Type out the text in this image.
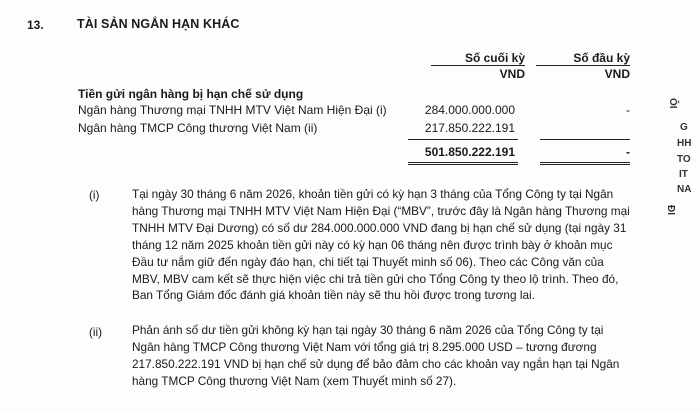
13.	TÀI SẢN NGẮN HẠN KHÁC
Số cuối kỳ	Số đầu kỳ
VND	VND
Tiền gửi ngân hàng bị hạn chế sử dụng
Ngân hàng Thương mại TNHH MTV Việt Nam Hiện Đại (i)	284.000.000.000	-
Ngân hàng TMCP Công thương Việt Nam (ii)	217.850.222.191
501.850.222.191	-
(i)	Tại ngày 30 tháng 6 năm 2026, khoản tiền gửi có kỳ hạn 3 tháng của Tổng Công ty tại Ngân
hàng Thương mại TNHH MTV Việt Nam Hiện Đại (“MBV”, trước đây là Ngân hàng Thương mại
TNHH MTV Đại Dương) có số dư 284.000.000.000 VND đang bị hạn chế sử dụng (tại ngày 31
tháng 12 năm 2025 khoản tiền gửi này có kỳ hạn 06 tháng nên được trình bày ở khoản mục
Đầu tư nắm giữ đến ngày đáo hạn, chi tiết tại Thuyết minh số 06). Theo các Công văn của
MBV, MBV cam kết sẽ thực hiện việc chi trả tiền gửi cho Tổng Công ty theo lộ trình. Theo đó,
Ban Tổng Giám đốc đánh giá khoản tiền này sẽ thu hồi được trong tương lai.
(ii)	Phản ánh số dư tiền gửi không kỳ hạn tại ngày 30 tháng 6 năm 2026 của Tổng Công ty tại
Ngân hàng TMCP Công thương Việt Nam với tổng giá trị 8.295.000 USD – tương đương
217.850.222.191 VND bị hạn chế sử dụng để bảo đảm cho các khoản vay ngắn hạn tại Ngân
hàng TMCP Công thương Việt Nam (xem Thuyết minh số 27).
ÔI
G
HH
TO
IT
NA
ĐI
